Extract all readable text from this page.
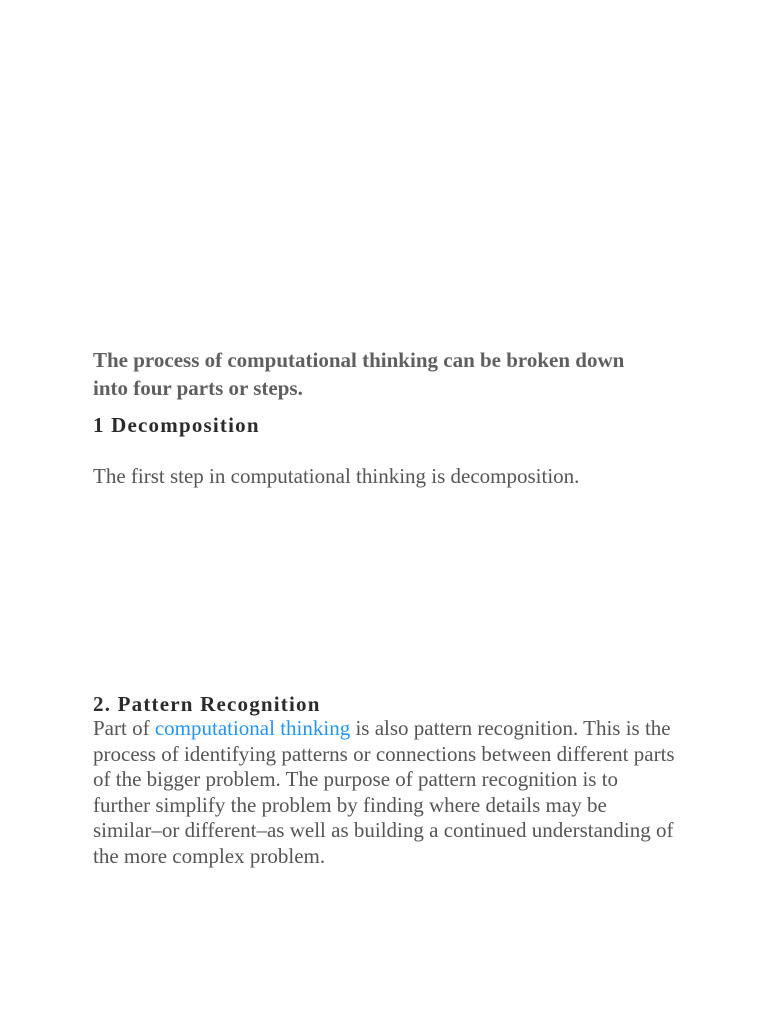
The process of computational thinking can be broken down into four parts or steps.

1 Decomposition

The first step in computational thinking is decomposition.

2. Pattern Recognition

Part of computational thinking is also pattern recognition. This is the process of identifying patterns or connections between different parts of the bigger problem. The purpose of pattern recognition is to further simplify the problem by finding where details may be similar–or different–as well as building a continued understanding of the more complex problem.
